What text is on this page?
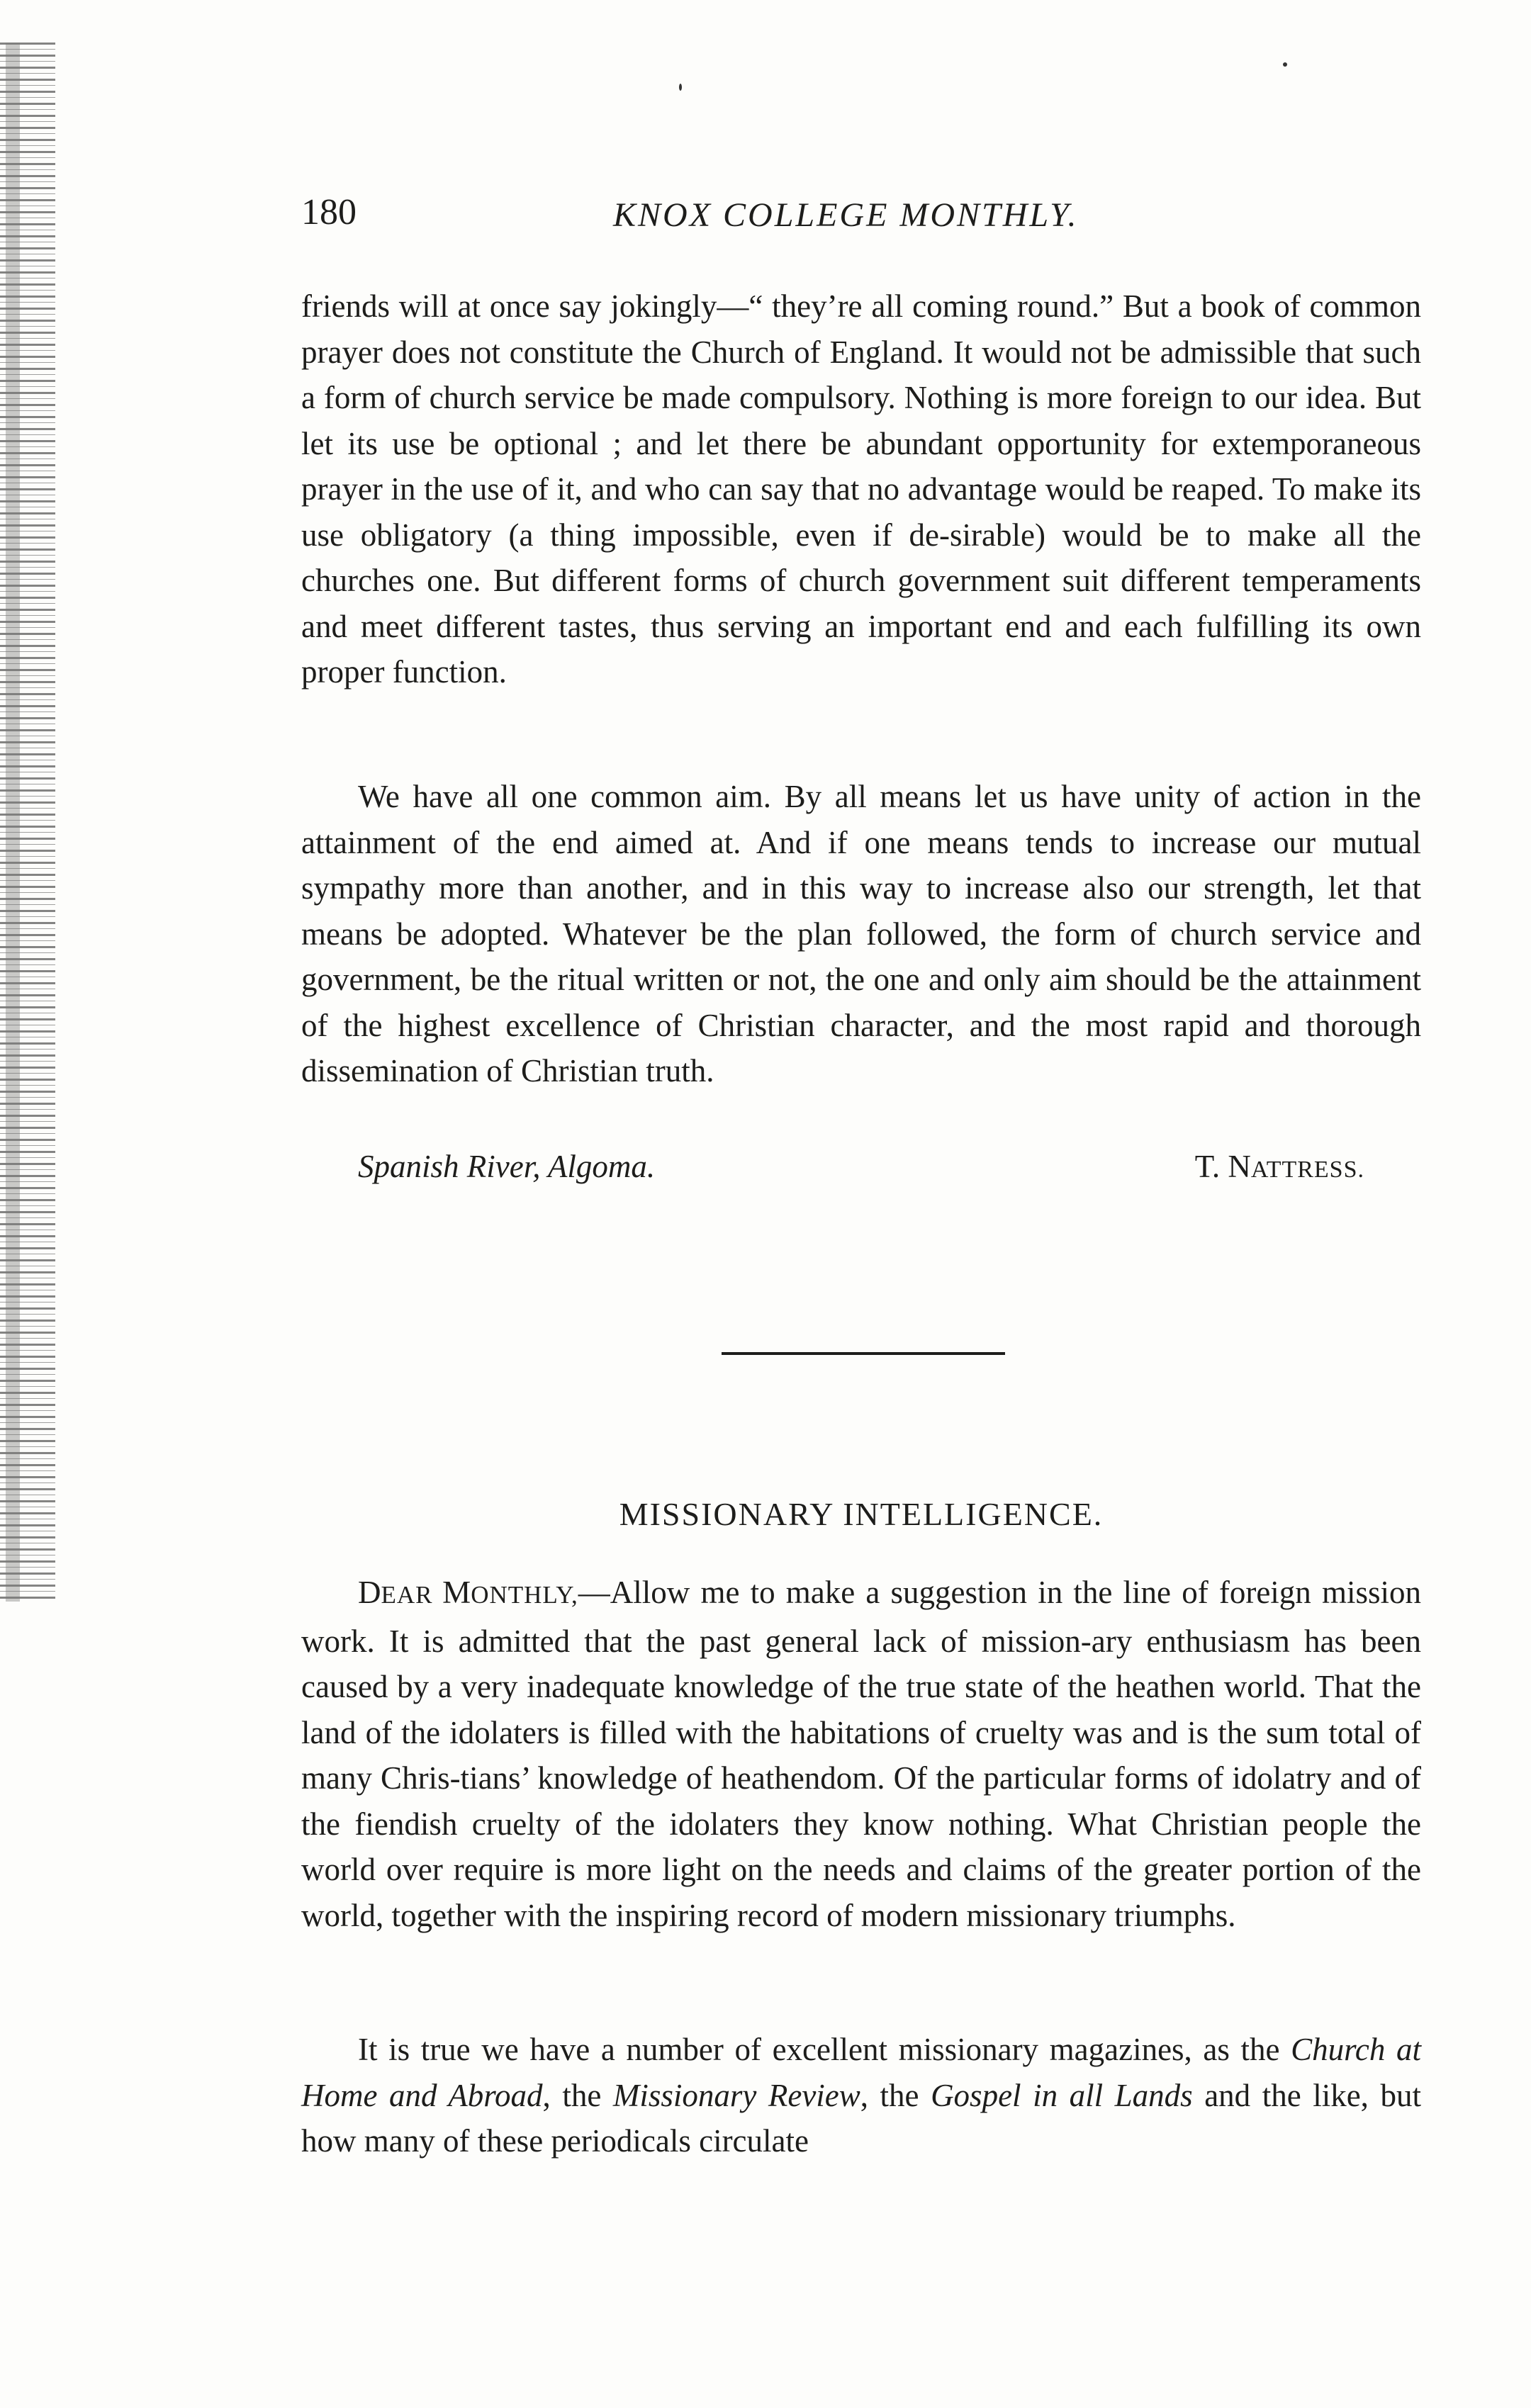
180	KNOX COLLEGE MONTHLY.

friends will at once say jokingly—“ they’re all coming round.” But a book of common prayer does not constitute the Church of England. It would not be admissible that such a form of church service be made compulsory. Nothing is more foreign to our idea. But let its use be optional ; and let there be abundant opportunity for extemporaneous prayer in the use of it, and who can say that no advantage would be reaped. To make its use obligatory (a thing impossible, even if de-sirable) would be to make all the churches one. But different forms of church government suit different temperaments and meet different tastes, thus serving an important end and each fulfilling its own proper function.

We have all one common aim. By all means let us have unity of action in the attainment of the end aimed at. And if one means tends to increase our mutual sympathy more than another, and in this way to increase also our strength, let that means be adopted. Whatever be the plan followed, the form of church service and government, be the ritual written or not, the one and only aim should be the attainment of the highest excellence of Christian character, and the most rapid and thorough dissemination of Christian truth.

Spanish River, Algoma.	T. NATTRESS.
MISSIONARY INTELLIGENCE.

DEAR MONTHLY,—Allow me to make a suggestion in the line of foreign mission work. It is admitted that the past general lack of mission-ary enthusiasm has been caused by a very inadequate knowledge of the true state of the heathen world. That the land of the idolaters is filled with the habitations of cruelty was and is the sum total of many Chris-tians’ knowledge of heathendom. Of the particular forms of idolatry and of the fiendish cruelty of the idolaters they know nothing. What Christian people the world over require is more light on the needs and claims of the greater portion of the world, together with the inspiring record of modern missionary triumphs.

It is true we have a number of excellent missionary magazines, as the Church at Home and Abroad, the Missionary Review, the Gospel in all Lands and the like, but how many of these periodicals circulate
